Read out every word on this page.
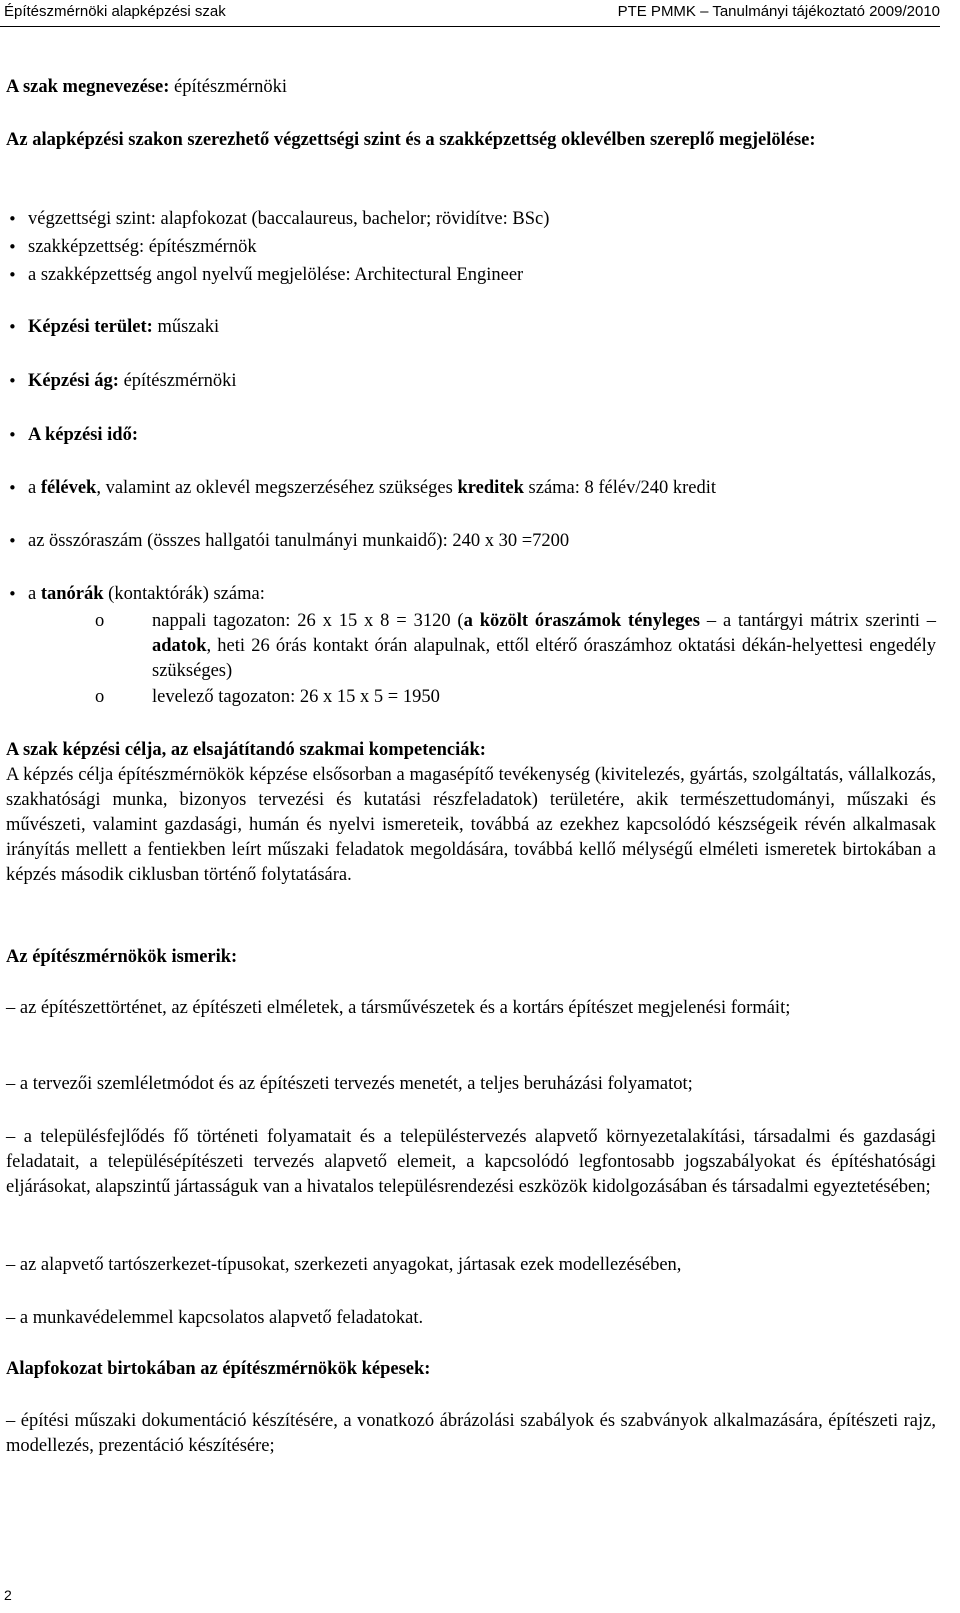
Építészmérnöki alapképzési szak	PTE PMMK – Tanulmányi tájékoztató 2009/2010
A szak megnevezése: építészmérnöki
Az alapképzési szakon szerezhető végzettségi szint és a szakképzettség oklevélben szereplő megjelölése:
• végzettségi szint: alapfokozat (baccalaureus, bachelor; rövidítve: BSc)
• szakképzettség: építészmérnök
• a szakképzettség angol nyelvű megjelölése: Architectural Engineer
• Képzési terület: műszaki
• Képzési ág: építészmérnöki
• A képzési idő:
• a félévek, valamint az oklevél megszerzéséhez szükséges kreditek száma: 8 félév/240 kredit
• az összóraszám (összes hallgatói tanulmányi munkaidő): 240 x 30 =7200
• a tanórák (kontaktórák) száma:
o nappali tagozaton: 26 x 15 x 8 = 3120 (a közölt óraszámok tényleges – a tantárgyi mátrix szerinti – adatok, heti 26 órás kontakt órán alapulnak, ettől eltérő óraszámhoz oktatási dékán-helyettesi engedély szükséges)
o levelező tagozaton: 26 x 15 x 5 = 1950
A szak képzési célja, az elsajátítandó szakmai kompetenciák:
A képzés célja építészmérnökök képzése elsősorban a magasépítő tevékenység (kivitelezés, gyártás, szolgáltatás, vállalkozás, szakhatósági munka, bizonyos tervezési és kutatási részfeladatok) területére, akik természettudományi, műszaki és művészeti, valamint gazdasági, humán és nyelvi ismereteik, továbbá az ezekhez kapcsolódó készségeik révén alkalmasak irányítás mellett a fentiekben leírt műszaki feladatok megoldására, továbbá kellő mélységű elméleti ismeretek birtokában a képzés második ciklusban történő folytatására.
Az építészmérnökök ismerik:
– az építészettörténet, az építészeti elméletek, a társművészetek és a kortárs építészet megjelenési formáit;
– a tervezői szemléletmódot és az építészeti tervezés menetét, a teljes beruházási folyamatot;
– a településfejlődés fő történeti folyamatait és a településtervezés alapvető környezetalakítási, társadalmi és gazdasági feladatait, a településépítészeti tervezés alapvető elemeit, a kapcsolódó legfontosabb jogszabályokat és építéshatósági eljárásokat, alapszintű jártasságuk van a hivatalos településrendezési eszközök kidolgozásában és társadalmi egyeztetésében;
– az alapvető tartószerkezet-típusokat, szerkezeti anyagokat, jártasak ezek modellezésében,
– a munkavédelemmel kapcsolatos alapvető feladatokat.
Alapfokozat birtokában az építészmérnökök képesek:
– építési műszaki dokumentáció készítésére, a vonatkozó ábrázolási szabályok és szabványok alkalmazására, építészeti rajz, modellezés, prezentáció készítésére;
2
